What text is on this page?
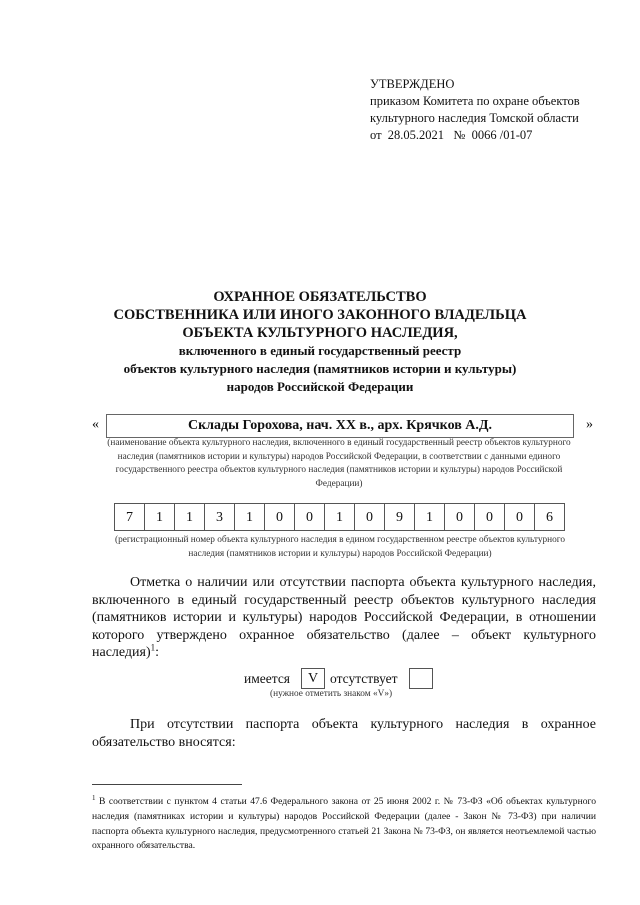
УТВЕРЖДЕНО
приказом Комитета по охране объектов
культурного наследия Томской области
от  28.05.2021   №  0066 /01-07
ОХРАННОЕ ОБЯЗАТЕЛЬСТВО
СОБСТВЕННИКА ИЛИ ИНОГО ЗАКОННОГО ВЛАДЕЛЬЦА
ОБЪЕКТА КУЛЬТУРНОГО НАСЛЕДИЯ,
включенного в единый государственный реестр
объектов культурного наследия (памятников истории и культуры)
народов Российской Федерации
«	Склады Горохова, нач. XX в., арх. Крячков А.Д.	»
(наименование объекта культурного наследия, включенного в единый государственный реестр объектов культурного наследия (памятников истории и культуры) народов Российской Федерации, в соответствии с данными единого государственного реестра объектов культурного наследия (памятников истории и культуры) народов Российской Федерации)
7	1	1	3	1	0	0	1	0	9	1	0	0	0	6
(регистрационный номер объекта культурного наследия в едином государственном реестре объектов культурного наследия (памятников истории и культуры) народов Российской Федерации)
Отметка о наличии или отсутствии паспорта объекта культурного наследия, включенного в единый государственный реестр объектов культурного наследия (памятников истории и культуры) народов Российской Федерации, в отношении которого утверждено охранное обязательство (далее – объект культурного наследия)$^1$:
имеется	V отсутствует
(нужное отметить знаком «V»)
При отсутствии паспорта объекта культурного наследия в охранное обязательство вносятся:
$^1$ В соответствии с пунктом 4 статьи 47.6 Федерального закона от 25 июня 2002 г. № 73-ФЗ «Об объектах культурного наследия (памятниках истории и культуры) народов Российской Федерации (далее - Закон № 73-ФЗ) при наличии паспорта объекта культурного наследия, предусмотренного статьей 21 Закона № 73-ФЗ, он является неотъемлемой частью охранного обязательства.
